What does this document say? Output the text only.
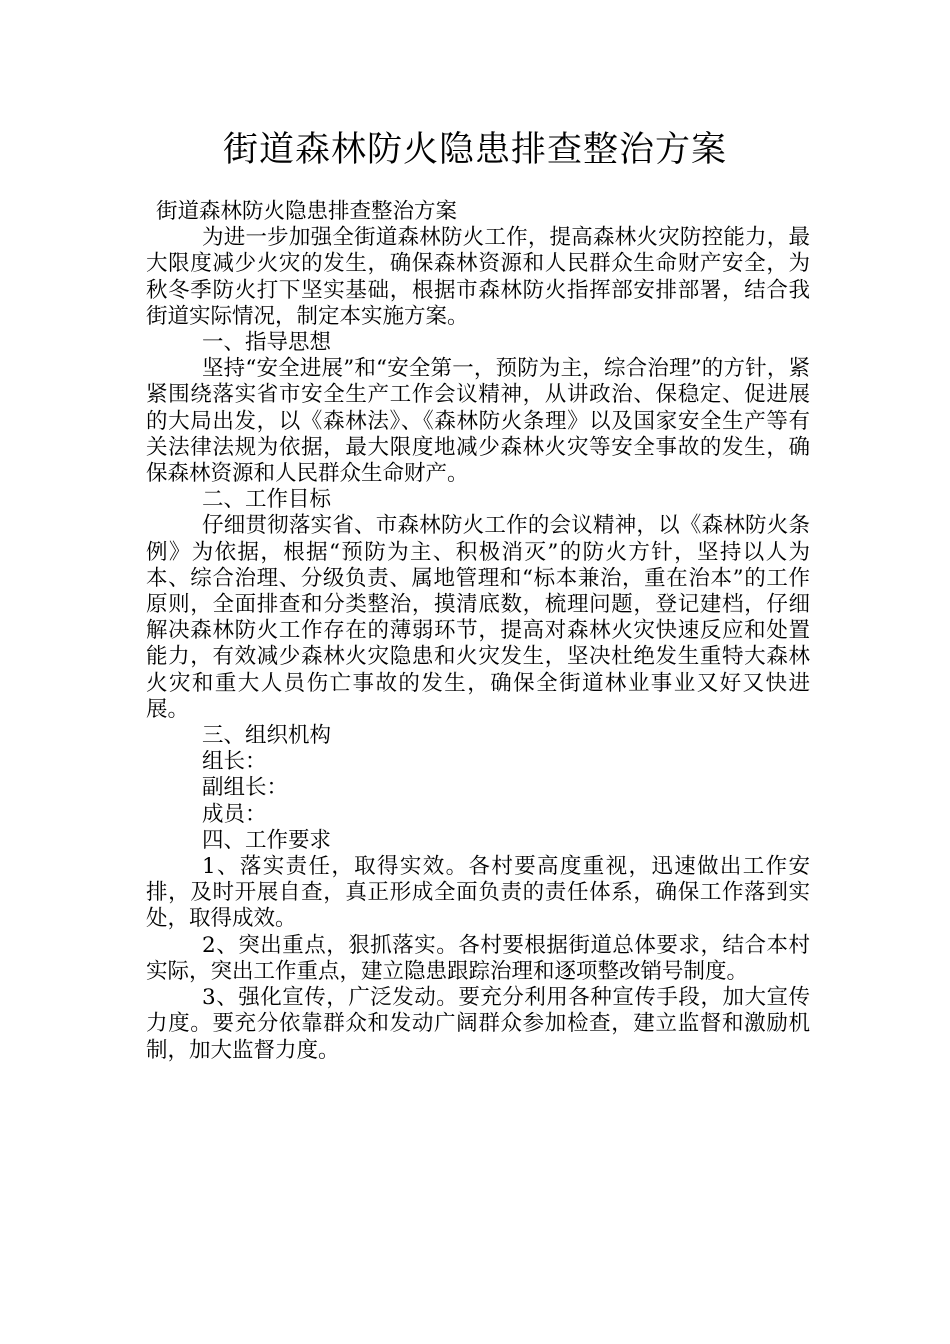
街道森林防火隐患排查整治方案

街道森林防火隐患排查整治方案

为进一步加强全街道森林防火工作，提高森林火灾防控能力，最大限度减少火灾的发生，确保森林资源和人民群众生命财产安全，为秋冬季防火打下坚实基础，根据市森林防火指挥部安排部署，结合我街道实际情况，制定本实施方案。

一、指导思想

坚持“安全进展”和“安全第一，预防为主，综合治理”的方针，紧紧围绕落实省市安全生产工作会议精神，从讲政治、保稳定、促进展的大局出发，以《森林法》、《森林防火条理》以及国家安全生产等有关法律法规为依据，最大限度地减少森林火灾等安全事故的发生，确保森林资源和人民群众生命财产。

二、工作目标

仔细贯彻落实省、市森林防火工作的会议精神，以《森林防火条例》为依据，根据“预防为主、积极消灭”的防火方针，坚持以人为本、综合治理、分级负责、属地管理和“标本兼治，重在治本”的工作原则，全面排查和分类整治，摸清底数，梳理问题，登记建档，仔细解决森林防火工作存在的薄弱环节，提高对森林火灾快速反应和处置能力，有效减少森林火灾隐患和火灾发生，坚决杜绝发生重特大森林火灾和重大人员伤亡事故的发生，确保全街道林业事业又好又快进展。

三、组织机构

组长：

副组长：

成员：

四、工作要求

1、落实责任，取得实效。各村要高度重视，迅速做出工作安排，及时开展自查，真正形成全面负责的责任体系，确保工作落到实处，取得成效。

2、突出重点，狠抓落实。各村要根据街道总体要求，结合本村实际，突出工作重点，建立隐患跟踪治理和逐项整改销号制度。

3、强化宣传，广泛发动。要充分利用各种宣传手段，加大宣传力度。要充分依靠群众和发动广阔群众参加检查，建立监督和激励机制，加大监督力度。
